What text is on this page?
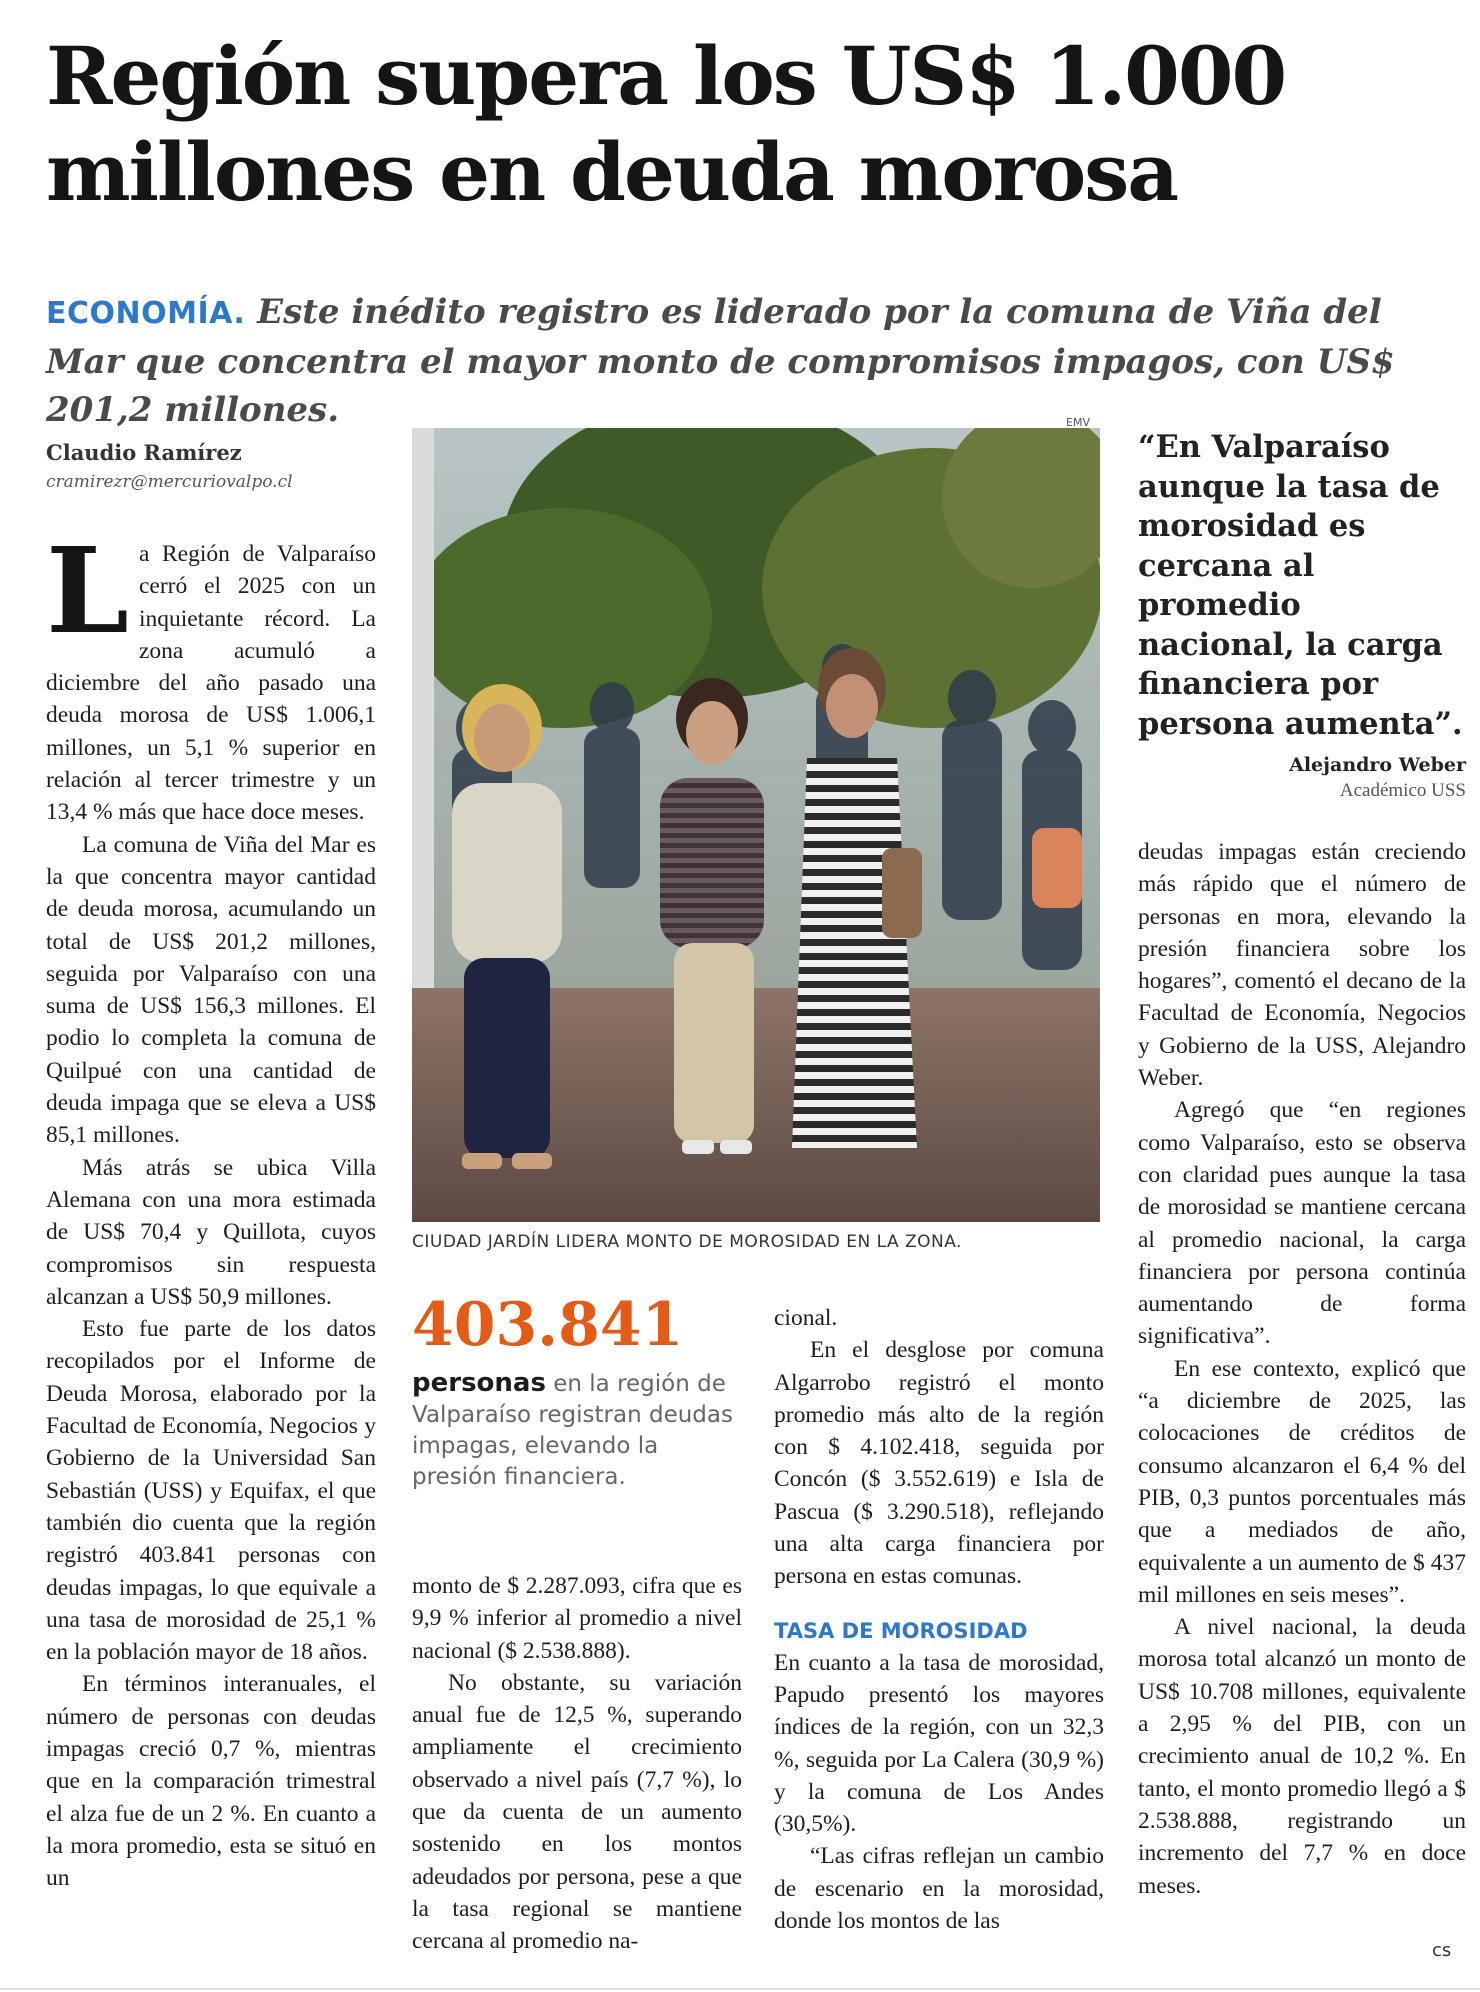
Región supera los US$ 1.000 millones en deuda morosa

ECONOMÍA. Este inédito registro es liderado por la comuna de Viña del Mar que concentra el mayor monto de compromisos impagos, con US$ 201,2 millones.

Claudio Ramírez
cramirezr@mercuriovalpo.cl
L a Región de Valparaíso cerró el 2025 con un inquietante récord. La zona acumuló a diciembre del año pasado una deuda morosa de US$ 1.006,1 millones, un 5,1 % superior en relación al tercer trimestre y un 13,4 % más que hace doce meses.

La comuna de Viña del Mar es la que concentra mayor cantidad de deuda morosa, acumulando un total de US$ 201,2 millones, seguida por Valparaíso con una suma de US$ 156,3 millones. El podio lo completa la comuna de Quilpué con una cantidad de deuda impaga que se eleva a US$ 85,1 millones.

Más atrás se ubica Villa Alemana con una mora estimada de US$ 70,4 y Quillota, cuyos compromisos sin respuesta alcanzan a US$ 50,9 millones.

Esto fue parte de los datos recopilados por el Informe de Deuda Morosa, elaborado por la Facultad de Economía, Negocios y Gobierno de la Universidad San Sebastián (USS) y Equifax, el que también dio cuenta que la región registró 403.841 personas con deudas impagas, lo que equivale a una tasa de morosidad de 25,1 % en la población mayor de 18 años.

En términos interanuales, el número de personas con deudas impagas creció 0,7 %, mientras que en la comparación trimestral el alza fue de un 2 %. En cuanto a la mora promedio, esta se situó en un

EMV
CIUDAD JARDÍN LIDERA MONTO DE MOROSIDAD EN LA ZONA.
403.841
personas en la región de Valparaíso registran deudas impagas, elevando la presión financiera.

monto de $ 2.287.093, cifra que es 9,9 % inferior al promedio a nivel nacional ($ 2.538.888).

No obstante, su variación anual fue de 12,5 %, superando ampliamente el crecimiento observado a nivel país (7,7 %), lo que da cuenta de un aumento sostenido en los montos adeudados por persona, pese a que la tasa regional se mantiene cercana al promedio na-

cional.

En el desglose por comuna Algarrobo registró el monto promedio más alto de la región con $ 4.102.418, seguida por Concón ($ 3.552.619) e Isla de Pascua ($ 3.290.518), reflejando una alta carga financiera por persona en estas comunas.

TASA DE MOROSIDAD

En cuanto a la tasa de morosidad, Papudo presentó los mayores índices de la región, con un 32,3 %, seguida por La Calera (30,9 %) y la comuna de Los Andes (30,5%).

“Las cifras reflejan un cambio de escenario en la morosidad, donde los montos de las

“En Valparaíso aunque la tasa de morosidad es cercana al promedio nacional, la carga financiera por persona aumenta”.

Alejandro Weber
Académico USS

deudas impagas están creciendo más rápido que el número de personas en mora, elevando la presión financiera sobre los hogares”, comentó el decano de la Facultad de Economía, Negocios y Gobierno de la USS, Alejandro Weber.

Agregó que “en regiones como Valparaíso, esto se observa con claridad pues aunque la tasa de morosidad se mantiene cercana al promedio nacional, la carga financiera por persona continúa aumentando de forma significativa”.

En ese contexto, explicó que “a diciembre de 2025, las colocaciones de créditos de consumo alcanzaron el 6,4 % del PIB, 0,3 puntos porcentuales más que a mediados de año, equivalente a un aumento de $ 437 mil millones en seis meses”.

A nivel nacional, la deuda morosa total alcanzó un monto de US$ 10.708 millones, equivalente a 2,95 % del PIB, con un crecimiento anual de 10,2 %. En tanto, el monto promedio llegó a $ 2.538.888, registrando un incremento del 7,7 % en doce meses.

cs
